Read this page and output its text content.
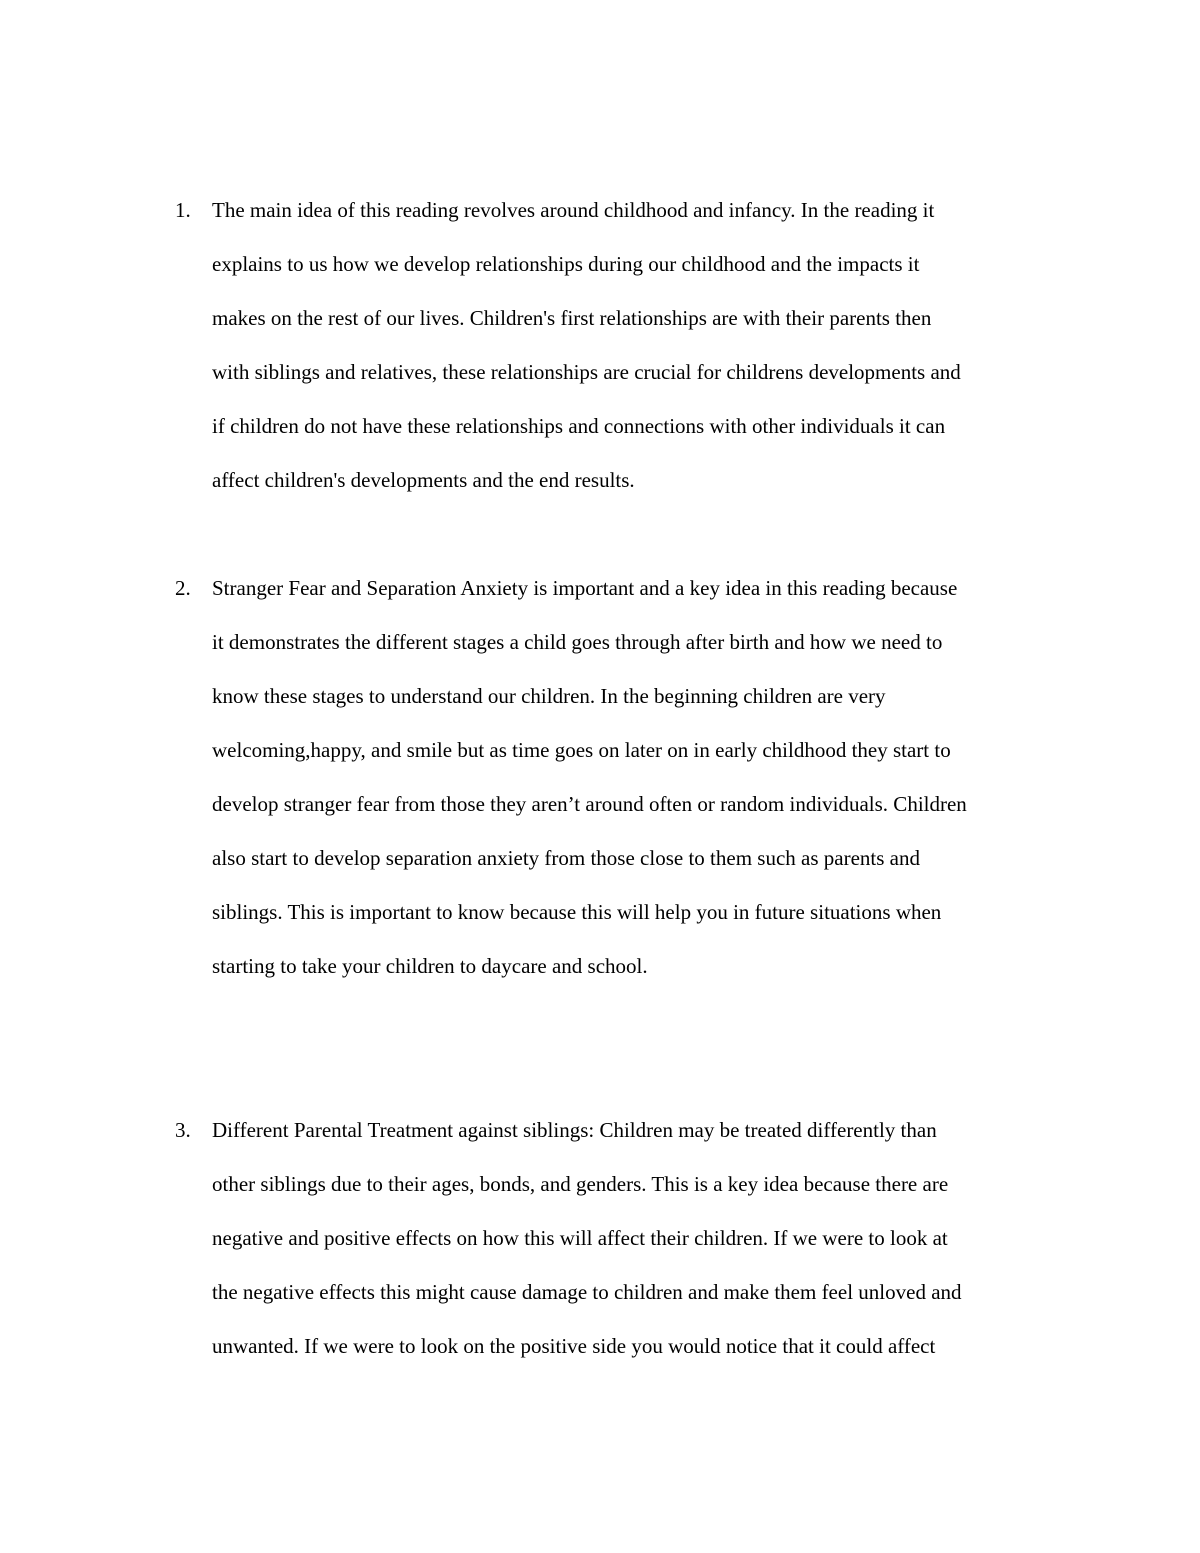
1. The main idea of this reading revolves around childhood and infancy. In the reading it
explains to us how we develop relationships during our childhood and the impacts it
makes on the rest of our lives. Children's first relationships are with their parents then
with siblings and relatives, these relationships are crucial for childrens developments and
if children do not have these relationships and connections with other individuals it can
affect children's developments and the end results.
2. Stranger Fear and Separation Anxiety is important and a key idea in this reading because
it demonstrates the different stages a child goes through after birth and how we need to
know these stages to understand our children. In the beginning children are very
welcoming,happy, and smile but as time goes on later on in early childhood they start to
develop stranger fear from those they aren’t around often or random individuals. Children
also start to develop separation anxiety from those close to them such as parents and
siblings. This is important to know because this will help you in future situations when
starting to take your children to daycare and school.
3. Different Parental Treatment against siblings: Children may be treated differently than
other siblings due to their ages, bonds, and genders. This is a key idea because there are
negative and positive effects on how this will affect their children. If we were to look at
the negative effects this might cause damage to children and make them feel unloved and
unwanted. If we were to look on the positive side you would notice that it could affect
